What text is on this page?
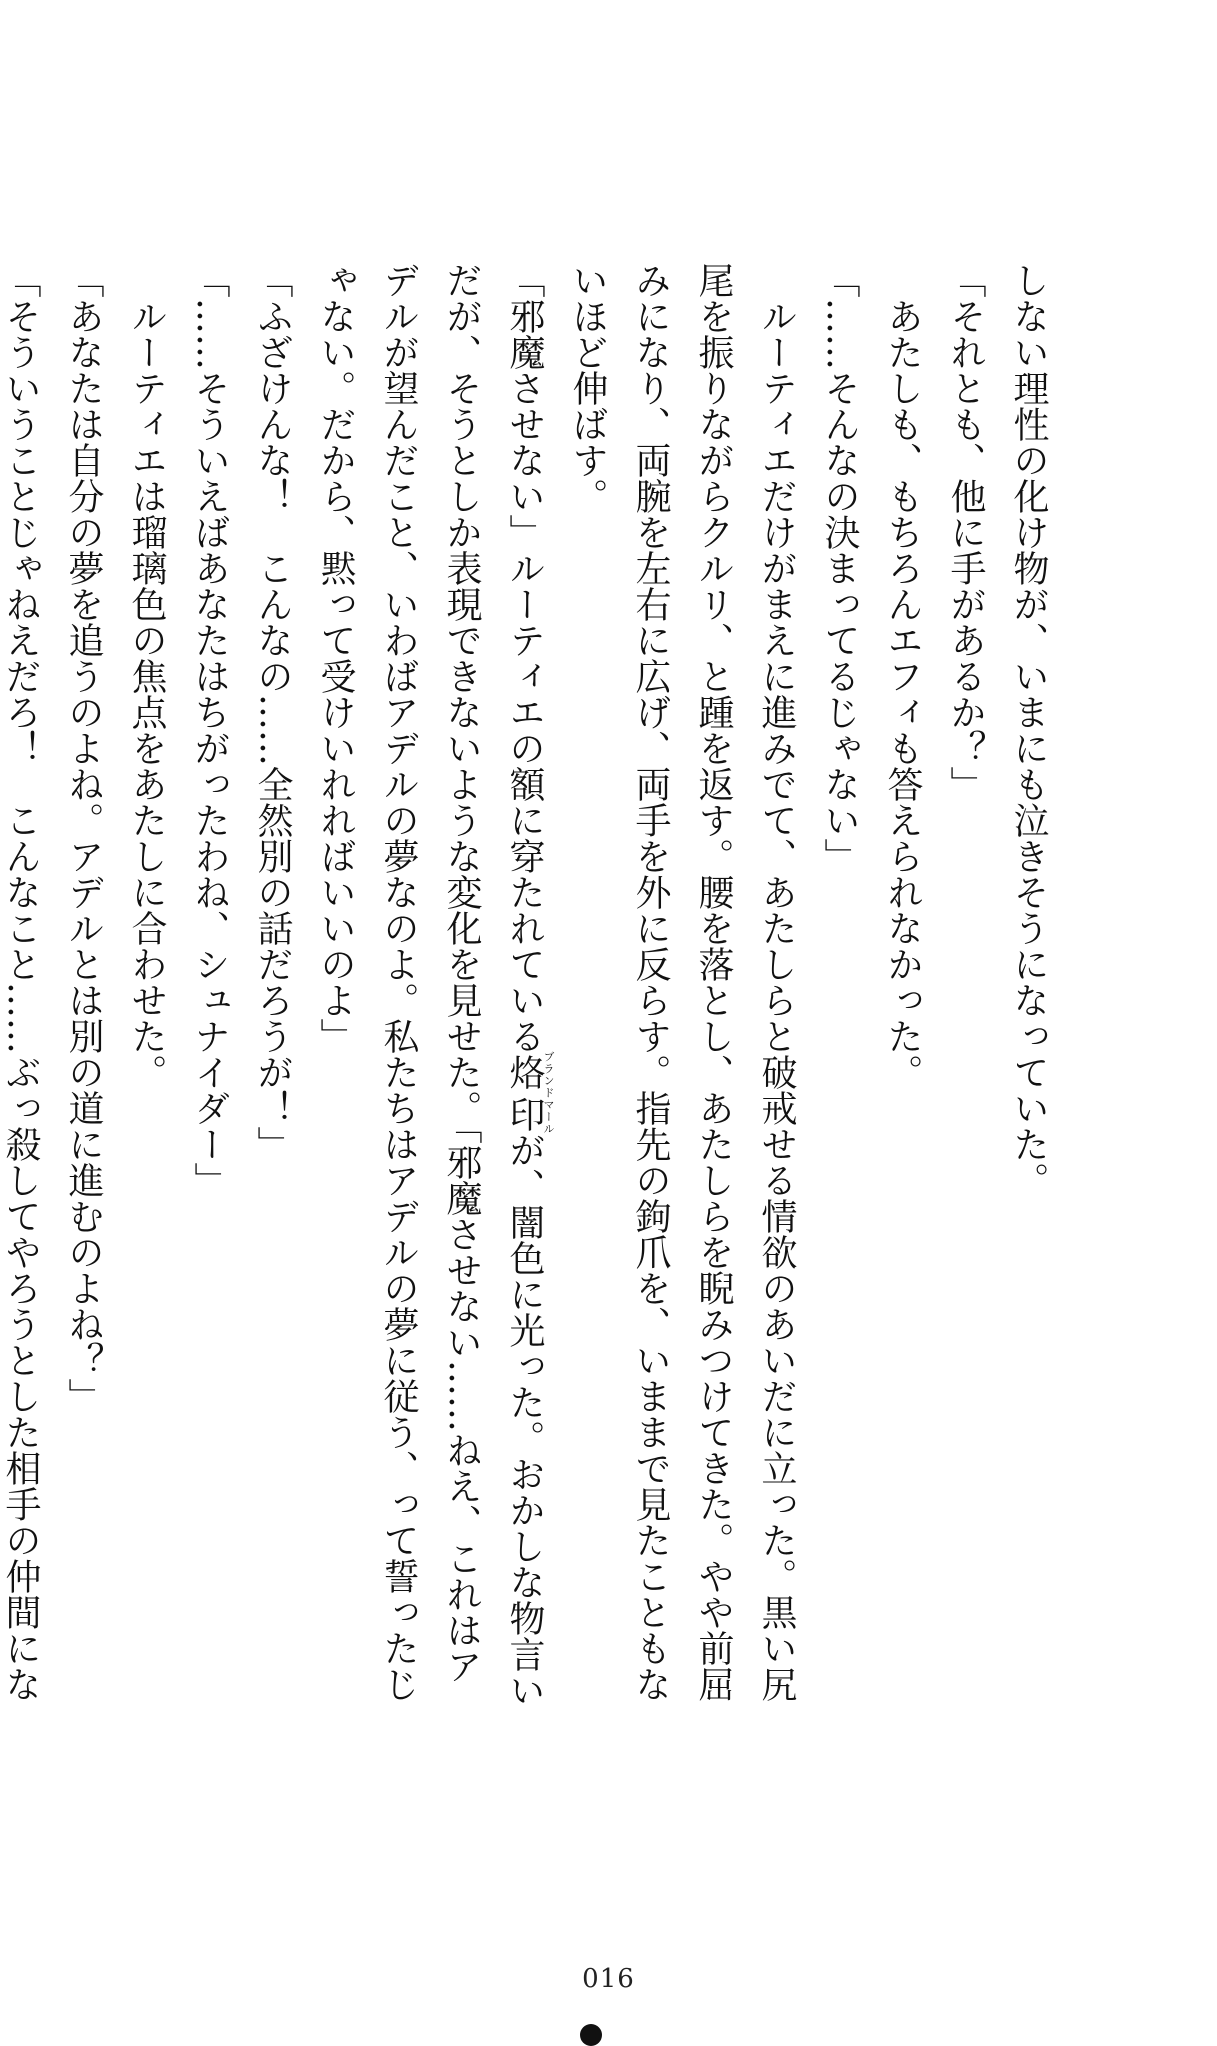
しない理性の化け物が、いまにも泣きそうになっていた。
「それとも、他に手があるか？」
あたしも、もちろんエフィも答えられなかった。
「……そんなの決まってるじゃない」
ルーティエだけがまえに進みでて、あたしらと破戒せる情欲のあいだに立った。黒い尻
尾を振りながらクルリ、と踵を返す。腰を落とし、あたしらを睨みつけてきた。やや前屈
みになり、両腕を左右に広げ、両手を外に反らす。指先の鉤爪を、いままで見たこともな
いほど伸ばす。
「邪魔させない」ルーティエの額に穿たれている烙印ブランドマールが、闇色に光った。おかしな物言い
だが、そうとしか表現できないような変化を見せた。「邪魔させない……ねえ、これはア
デルが望んだこと、いわばアデルの夢なのよ。私たちはアデルの夢に従う、って誓ったじ
ゃない。だから、黙って受けいれればいいのよ」
「ふざけんな！　こんなの……全然別の話だろうが！」
「……そういえばあなたはちがったわね、シュナイダー」
ルーティエは瑠璃色の焦点をあたしに合わせた。
「あなたは自分の夢を追うのよね。アデルとは別の道に進むのよね？」
「そういうことじゃねえだろ！　こんなこと……ぶっ殺してやろうとした相手の仲間にな
016
